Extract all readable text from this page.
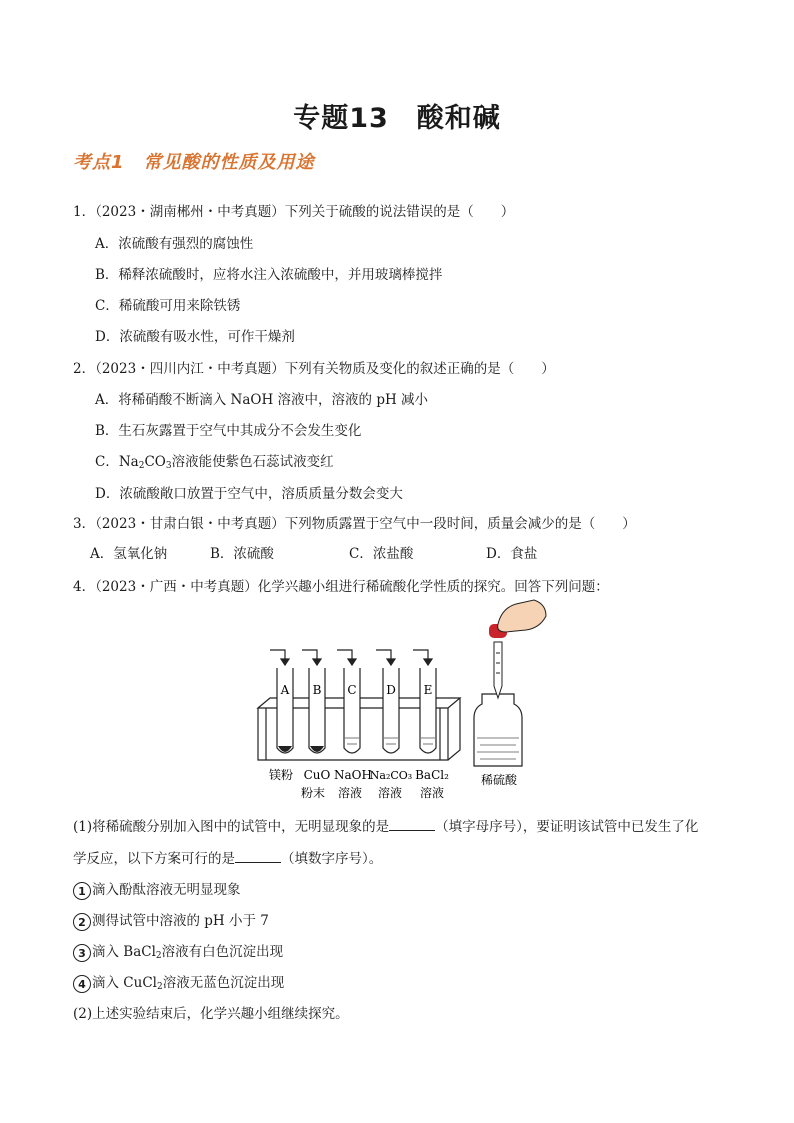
专题13　酸和碱
考点1　常见酸的性质及用途
1．（2023・湖南郴州・中考真题）下列关于硫酸的说法错误的是（　　）
A．浓硫酸有强烈的腐蚀性
B．稀释浓硫酸时，应将水注入浓硫酸中，并用玻璃棒搅拌
C．稀硫酸可用来除铁锈
D．浓硫酸有吸水性，可作干燥剂
2．（2023・四川内江・中考真题）下列有关物质及变化的叙述正确的是（　　）
A．将稀硝酸不断滴入 NaOH 溶液中，溶液的 pH 减小
B．生石灰露置于空气中其成分不会发生变化
C．$Na_2CO_3$溶液能使紫色石蕊试液变红
D．浓硫酸敞口放置于空气中，溶质质量分数会变大
3．（2023・甘肃白银・中考真题）下列物质露置于空气中一段时间，质量会减少的是（　　）
A．氢氧化钠	B．浓硫酸	C．浓盐酸	D．食盐
4．（2023・广西・中考真题）化学兴趣小组进行稀硫酸化学性质的探究。回答下列问题：
A B C D E
镁粉 CuO NaOH
Na₂CO₃ BaCl₂
粉末 溶液 溶液 溶液
稀硫酸
(1)将稀硫酸分别加入图中的试管中，无明显现象的是	（填字母序号），要证明该试管中已发生了化
学反应，以下方案可行的是	（填数字序号）。
1 滴入酚酞溶液无明显现象
2 测得试管中溶液的 pH 小于 7
3 滴入 BaCl$_2$溶液有白色沉淀出现
4 滴入 CuCl$_2$溶液无蓝色沉淀出现
(2)上述实验结束后，化学兴趣小组继续探究。
